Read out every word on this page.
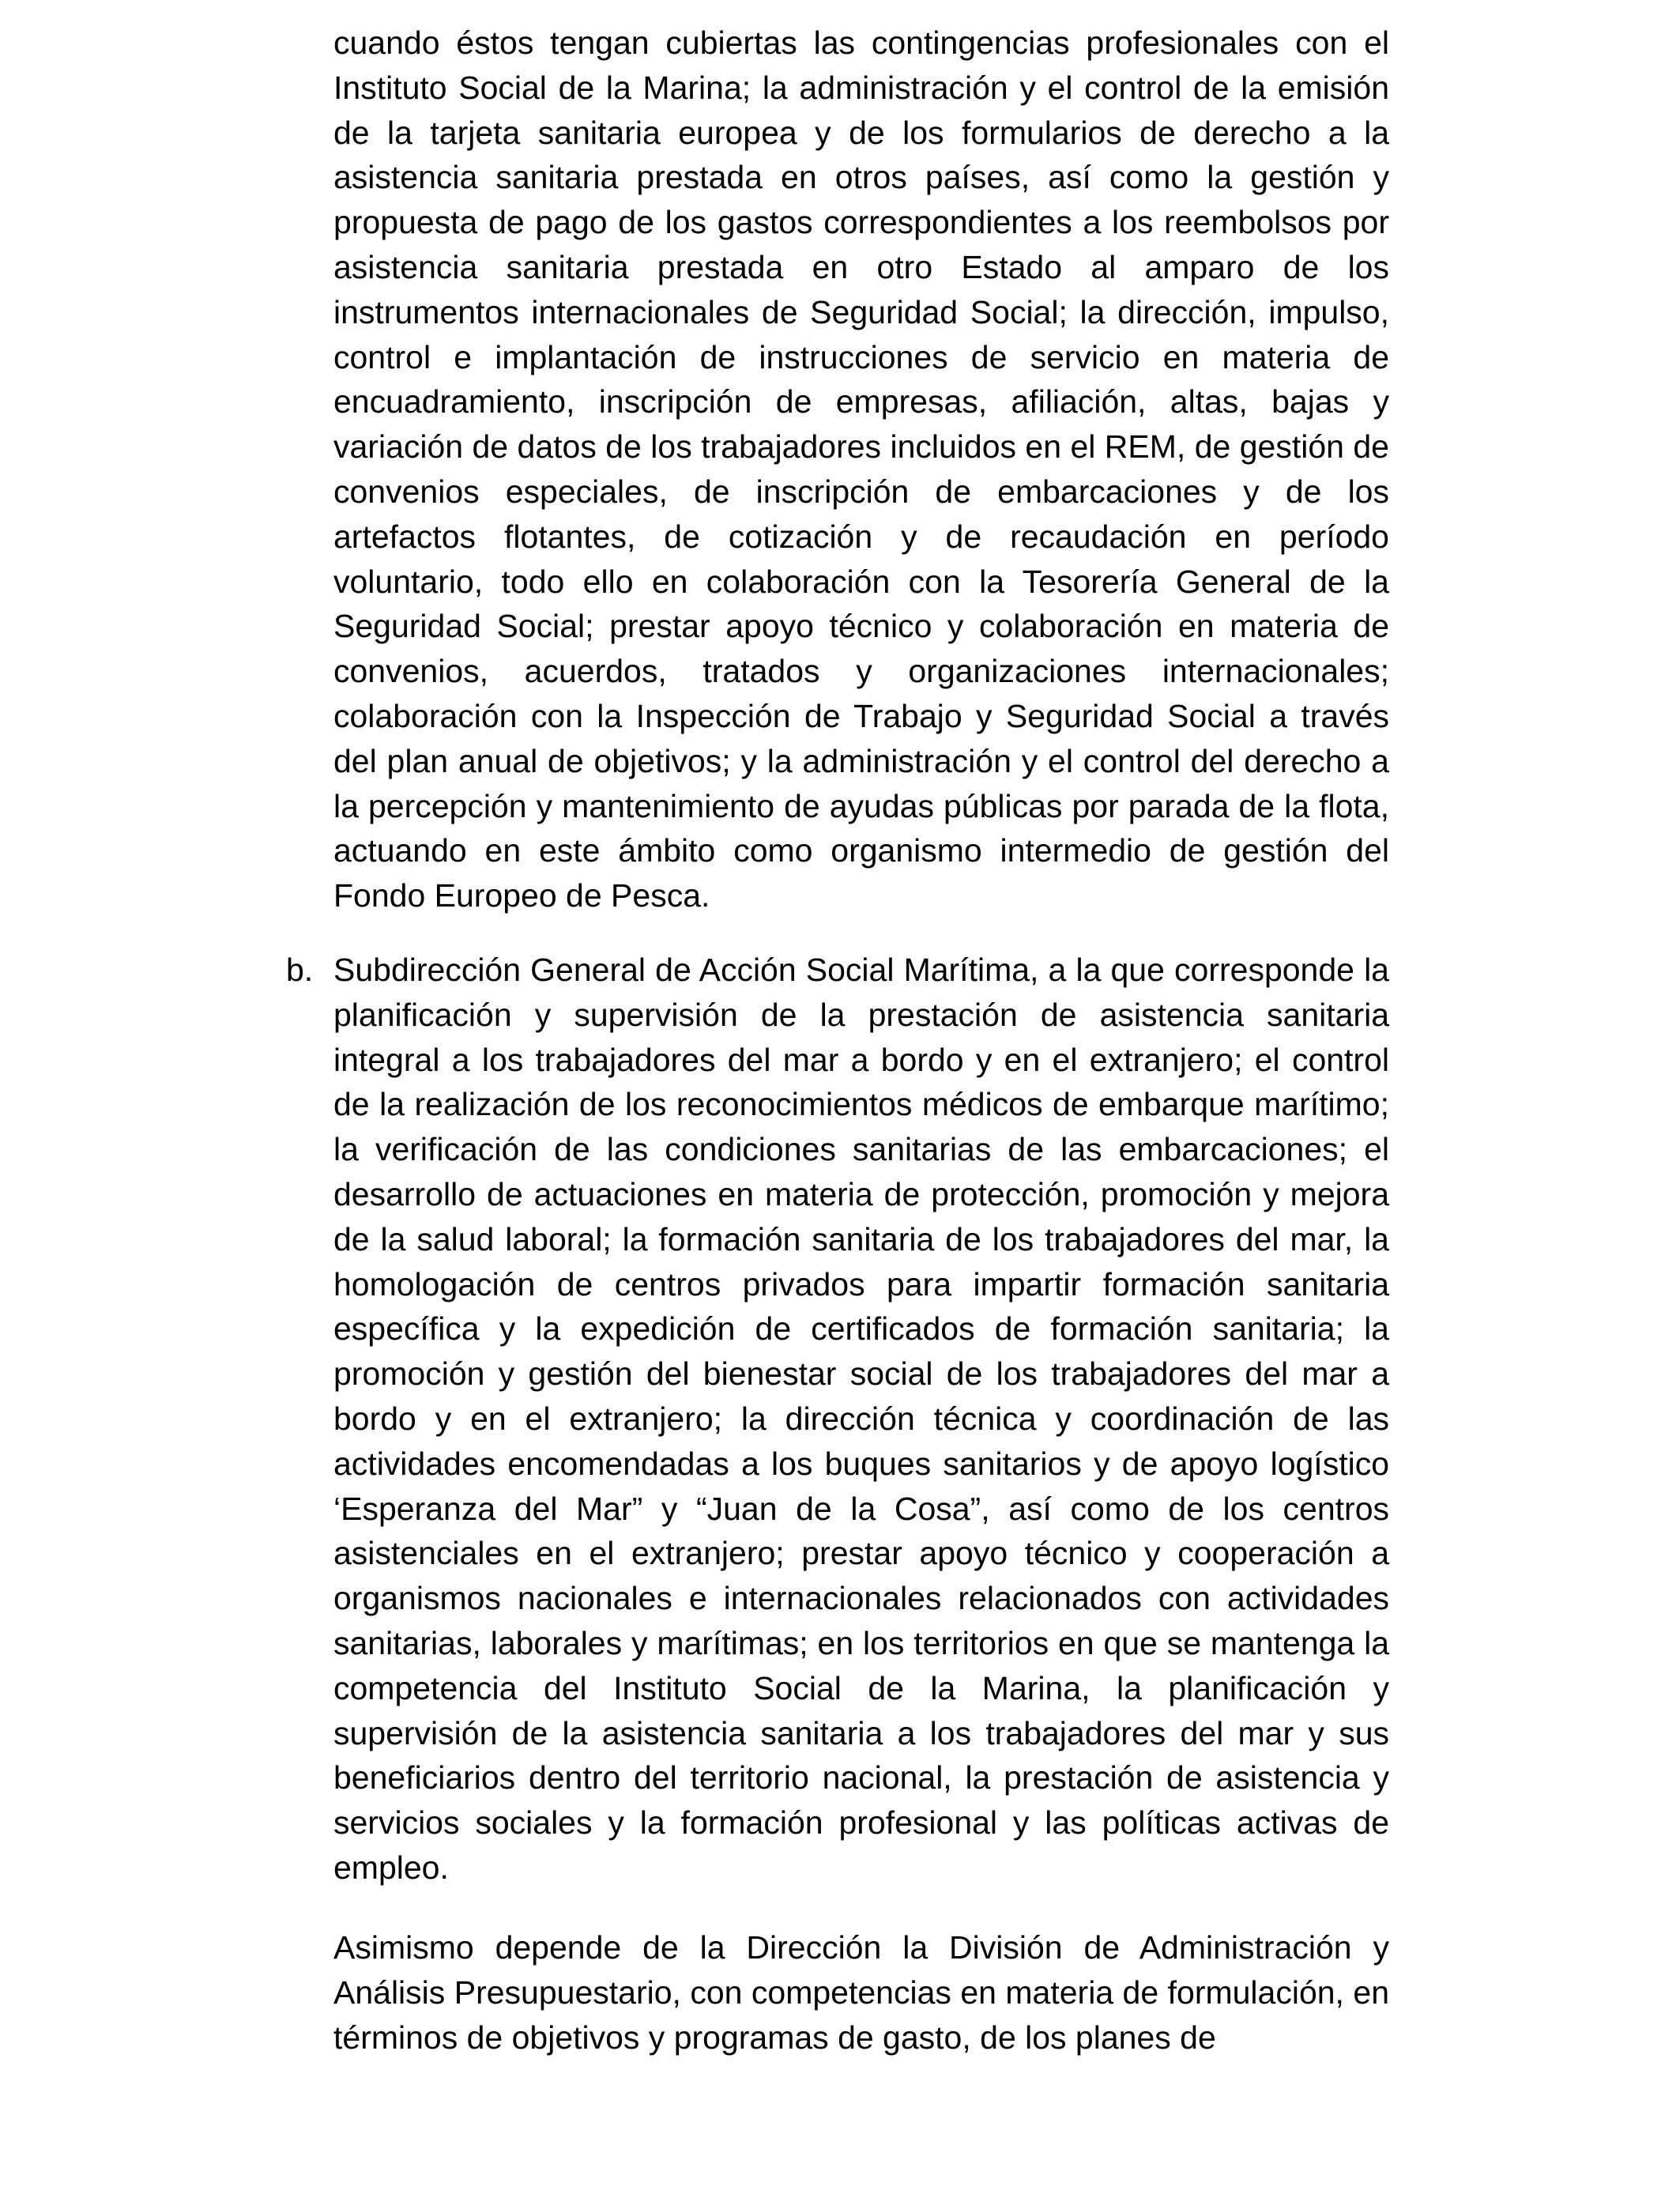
cuando éstos tengan cubiertas las contingencias profesionales con el Instituto Social de la Marina; la administración y el control de la emisión de la tarjeta sanitaria europea y de los formularios de derecho a la asistencia sanitaria prestada en otros países, así como la gestión y propuesta de pago de los gastos correspondientes a los reembolsos por asistencia sanitaria prestada en otro Estado al amparo de los instrumentos internacionales de Seguridad Social; la dirección, impulso, control e implantación de instrucciones de servicio en materia de encuadramiento, inscripción de empresas, afiliación, altas, bajas y variación de datos de los trabajadores incluidos en el REM, de gestión de convenios especiales, de inscripción de embarcaciones y de los artefactos flotantes, de cotización y de recaudación en período voluntario, todo ello en colaboración con la Tesorería General de la Seguridad Social; prestar apoyo técnico y colaboración en materia de convenios, acuerdos, tratados y organizaciones internacionales; colaboración con la Inspección de Trabajo y Seguridad Social a través del plan anual de objetivos; y la administración y el control del derecho a la percepción y mantenimiento de ayudas públicas por parada de la flota, actuando en este ámbito como organismo intermedio de gestión del Fondo Europeo de Pesca.

b. Subdirección General de Acción Social Marítima, a la que corresponde la planificación y supervisión de la prestación de asistencia sanitaria integral a los trabajadores del mar a bordo y en el extranjero; el control de la realización de los reconocimientos médicos de embarque marítimo; la verificación de las condiciones sanitarias de las embarcaciones; el desarrollo de actuaciones en materia de protección, promoción y mejora de la salud laboral; la formación sanitaria de los trabajadores del mar, la homologación de centros privados para impartir formación sanitaria específica y la expedición de certificados de formación sanitaria; la promoción y gestión del bienestar social de los trabajadores del mar a bordo y en el extranjero; la dirección técnica y coordinación de las actividades encomendadas a los buques sanitarios y de apoyo logístico ‘Esperanza del Mar” y “Juan de la Cosa”, así como de los centros asistenciales en el extranjero; prestar apoyo técnico y cooperación a organismos nacionales e internacionales relacionados con actividades sanitarias, laborales y marítimas; en los territorios en que se mantenga la competencia del Instituto Social de la Marina, la planificación y supervisión de la asistencia sanitaria a los trabajadores del mar y sus beneficiarios dentro del territorio nacional, la prestación de asistencia y servicios sociales y la formación profesional y las políticas activas de empleo.

Asimismo depende de la Dirección la División de Administración y Análisis Presupuestario, con competencias en materia de formulación, en términos de objetivos y programas de gasto, de los planes de
